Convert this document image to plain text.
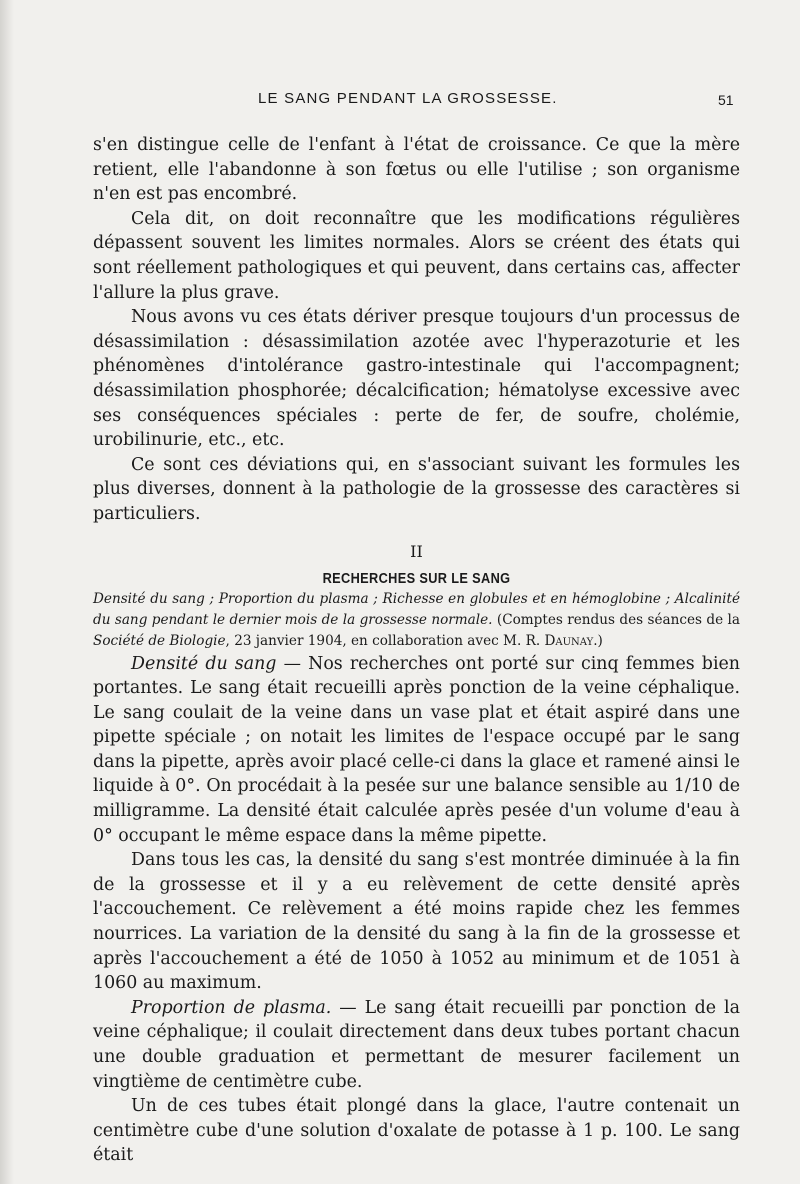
LE SANG PENDANT LA GROSSESSE.	51

s'en distingue celle de l'enfant à l'état de croissance. Ce que la mère retient, elle l'abandonne à son fœtus ou elle l'utilise ; son organisme n'en est pas encombré.

Cela dit, on doit reconnaître que les modifications régulières dépassent souvent les limites normales. Alors se créent des états qui sont réellement pathologiques et qui peuvent, dans certains cas, affecter l'allure la plus grave.

Nous avons vu ces états dériver presque toujours d'un processus de désassimilation : désassimilation azotée avec l'hyperazoturie et les phénomènes d'intolérance gastro-intestinale qui l'accompagnent; désassimilation phosphorée; décalcification; hématolyse excessive avec ses conséquences spéciales : perte de fer, de soufre, cholémie, urobilinurie, etc., etc.

Ce sont ces déviations qui, en s'associant suivant les formules les plus diverses, donnent à la pathologie de la grossesse des caractères si particuliers.

II
RECHERCHES SUR LE SANG

Densité du sang ; Proportion du plasma ; Richesse en globules et en hémoglobine ; Alcalinité du sang pendant le dernier mois de la grossesse normale. (Comptes rendus des séances de la Société de Biologie, 23 janvier 1904, en collaboration avec M. R. Daunay.)

Densité du sang — Nos recherches ont porté sur cinq femmes bien portantes. Le sang était recueilli après ponction de la veine céphalique. Le sang coulait de la veine dans un vase plat et était aspiré dans une pipette spéciale ; on notait les limites de l'espace occupé par le sang dans la pipette, après avoir placé celle-ci dans la glace et ramené ainsi le liquide à 0°. On procédait à la pesée sur une balance sensible au 1/10 de milligramme. La densité était calculée après pesée d'un volume d'eau à 0° occupant le même espace dans la même pipette.

Dans tous les cas, la densité du sang s'est montrée diminuée à la fin de la grossesse et il y a eu relèvement de cette densité après l'accouchement. Ce relèvement a été moins rapide chez les femmes nourrices. La variation de la densité du sang à la fin de la grossesse et après l'accouchement a été de 1050 à 1052 au minimum et de 1051 à 1060 au maximum.

Proportion de plasma. — Le sang était recueilli par ponction de la veine céphalique; il coulait directement dans deux tubes portant chacun une double graduation et permettant de mesurer facilement un vingtième de centimètre cube.

Un de ces tubes était plongé dans la glace, l'autre contenait un centimètre cube d'une solution d'oxalate de potasse à 1 p. 100. Le sang était
